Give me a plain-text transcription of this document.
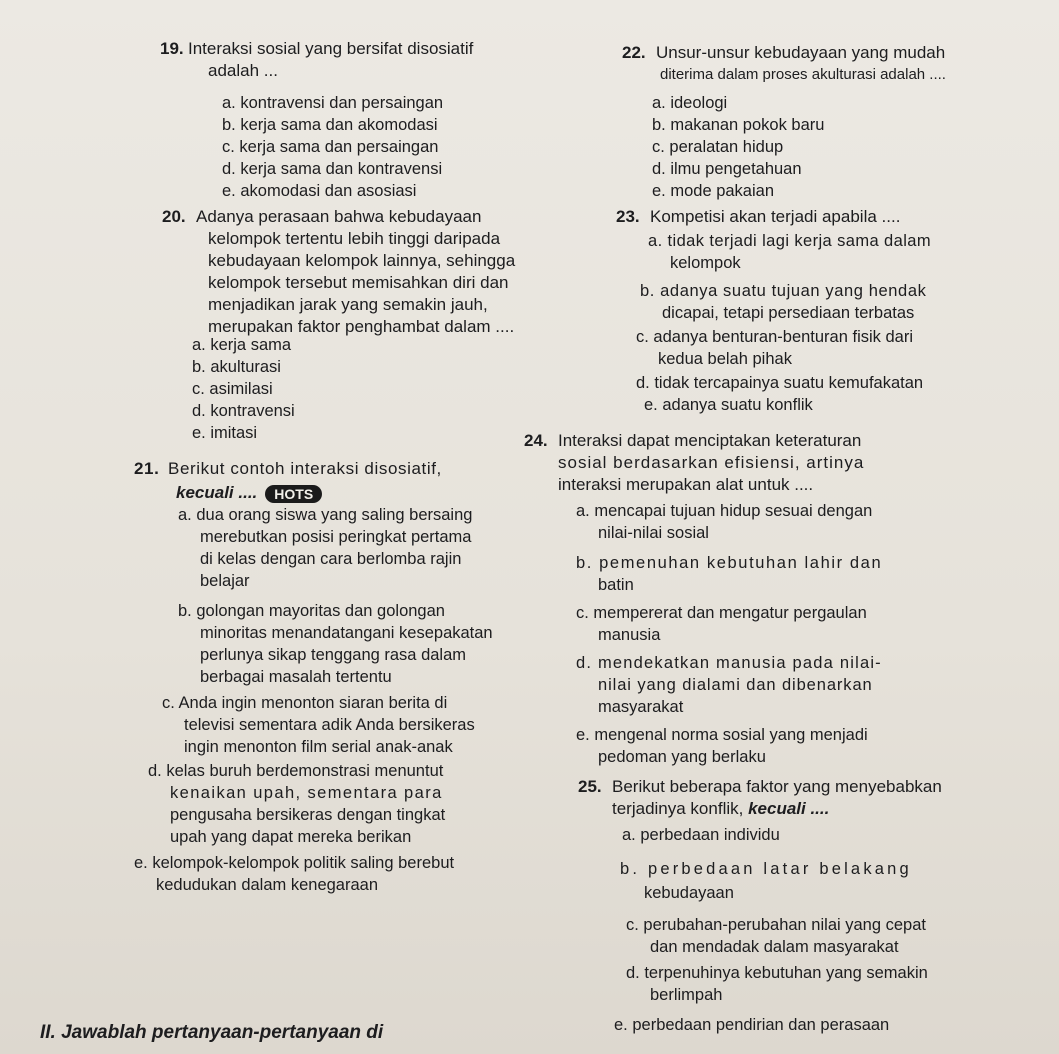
19. Interaksi sosial yang bersifat disosiatif
adalah ...
a. kontravensi dan persaingan
b. kerja sama dan akomodasi
c. kerja sama dan persaingan
d. kerja sama dan kontravensi
e. akomodasi dan asosiasi
20. Adanya perasaan bahwa kebudayaan
kelompok tertentu lebih tinggi daripada
kebudayaan kelompok lainnya, sehingga
kelompok tersebut memisahkan diri dan
menjadikan jarak yang semakin jauh,
merupakan faktor penghambat dalam ....
a. kerja sama
b. akulturasi
c. asimilasi
d. kontravensi
e. imitasi
21. Berikut contoh interaksi disosiatif,
kecuali .... HOTS
a. dua orang siswa yang saling bersaing
merebutkan posisi peringkat pertama
di kelas dengan cara berlomba rajin
belajar
b. golongan mayoritas dan golongan
minoritas menandatangani kesepakatan
perlunya sikap tenggang rasa dalam
berbagai masalah tertentu
c. Anda ingin menonton siaran berita di
televisi sementara adik Anda bersikeras
ingin menonton film serial anak-anak
d. kelas buruh berdemonstrasi menuntut
kenaikan upah, sementara para
pengusaha bersikeras dengan tingkat
upah yang dapat mereka berikan
e. kelompok-kelompok politik saling berebut
kedudukan dalam kenegaraan
22. Unsur-unsur kebudayaan yang mudah
diterima dalam proses akulturasi adalah ....
a. ideologi
b. makanan pokok baru
c. peralatan hidup
d. ilmu pengetahuan
e. mode pakaian
23. Kompetisi akan terjadi apabila ....
a. tidak terjadi lagi kerja sama dalam
kelompok
b. adanya suatu tujuan yang hendak
dicapai, tetapi persediaan terbatas
c. adanya benturan-benturan fisik dari
kedua belah pihak
d. tidak tercapainya suatu kemufakatan
e. adanya suatu konflik
24. Interaksi dapat menciptakan keteraturan
sosial berdasarkan efisiensi, artinya
interaksi merupakan alat untuk ....
a. mencapai tujuan hidup sesuai dengan
nilai-nilai sosial
b. pemenuhan kebutuhan lahir dan
batin
c. mempererat dan mengatur pergaulan
manusia
d. mendekatkan manusia pada nilai-
nilai yang dialami dan dibenarkan
masyarakat
e. mengenal norma sosial yang menjadi
pedoman yang berlaku
25. Berikut beberapa faktor yang menyebabkan
terjadinya konflik, kecuali ....
a. perbedaan individu
b. perbedaan latar belakang
kebudayaan
c. perubahan-perubahan nilai yang cepat
dan mendadak dalam masyarakat
d. terpenuhinya kebutuhan yang semakin
berlimpah
e. perbedaan pendirian dan perasaan
II. Jawablah pertanyaan-pertanyaan di
